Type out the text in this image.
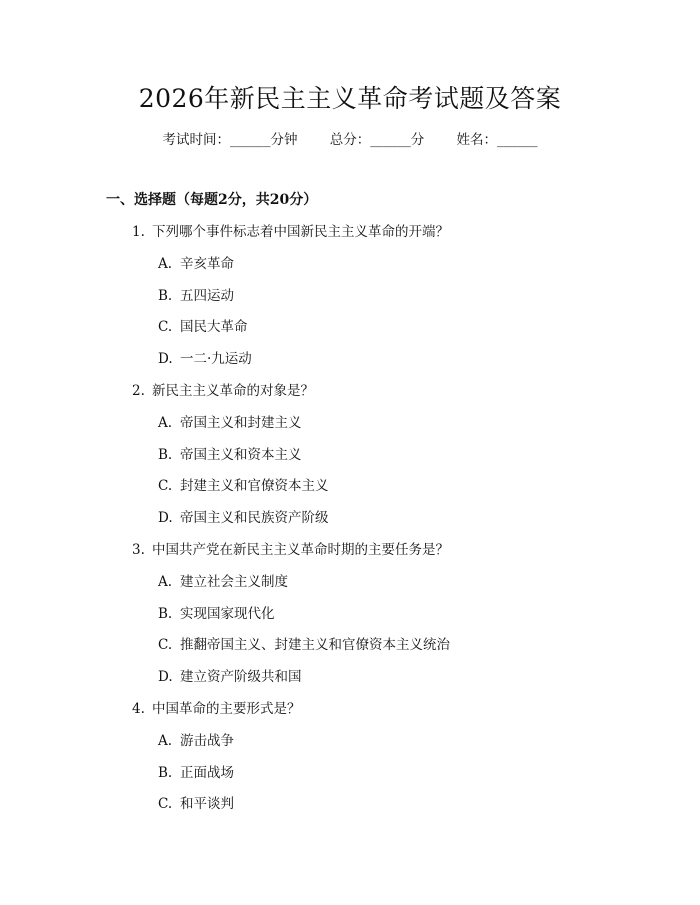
2026年新民主主义革命考试题及答案
考试时间：______分钟 总分：______分 姓名：______
一、选择题（每题2分，共20分）
1. 下列哪个事件标志着中国新民主主义革命的开端？
A. 辛亥革命
B. 五四运动
C. 国民大革命
D. 一二·九运动
2. 新民主主义革命的对象是？
A. 帝国主义和封建主义
B. 帝国主义和资本主义
C. 封建主义和官僚资本主义
D. 帝国主义和民族资产阶级
3. 中国共产党在新民主主义革命时期的主要任务是？
A. 建立社会主义制度
B. 实现国家现代化
C. 推翻帝国主义、封建主义和官僚资本主义统治
D. 建立资产阶级共和国
4. 中国革命的主要形式是？
A. 游击战争
B. 正面战场
C. 和平谈判
